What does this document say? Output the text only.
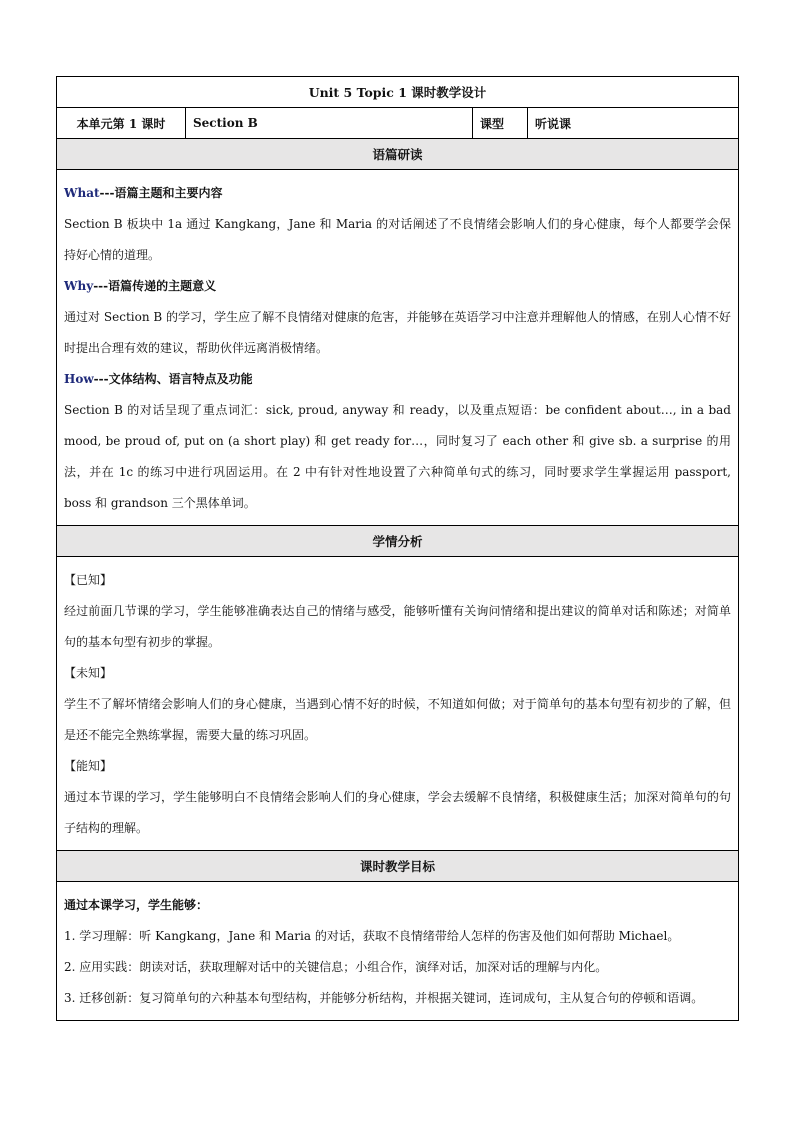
Unit 5 Topic 1 课时教学设计
本单元第 1 课时	Section B	课型	听说课
语篇研读

What---语篇主题和主要内容

Section B 板块中 1a 通过 Kangkang，Jane 和 Maria 的对话阐述了不良情绪会影响人们的身心健康，每个人都要学会保持好心情的道理。

Why---语篇传递的主题意义

通过对 Section B 的学习，学生应了解不良情绪对健康的危害，并能够在英语学习中注意并理解他人的情感，在别人心情不好时提出合理有效的建议，帮助伙伴远离消极情绪。

How---文体结构、语言特点及功能

Section B 的对话呈现了重点词汇：sick, proud, anyway 和 ready，以及重点短语：be confident about…, in a bad mood, be proud of, put on (a short play) 和 get ready for…，同时复习了 each other 和 give sb. a surprise 的用法，并在 1c 的练习中进行巩固运用。在 2 中有针对性地设置了六种简单句式的练习，同时要求学生掌握运用 passport, boss 和 grandson 三个黑体单词。

学情分析

【已知】

经过前面几节课的学习，学生能够准确表达自己的情绪与感受，能够听懂有关询问情绪和提出建议的简单对话和陈述；对简单句的基本句型有初步的掌握。

【未知】

学生不了解坏情绪会影响人们的身心健康，当遇到心情不好的时候，不知道如何做；对于简单句的基本句型有初步的了解，但是还不能完全熟练掌握，需要大量的练习巩固。

【能知】

通过本节课的学习，学生能够明白不良情绪会影响人们的身心健康，学会去缓解不良情绪，积极健康生活；加深对简单句的句子结构的理解。

课时教学目标

通过本课学习，学生能够：

1. 学习理解：听 Kangkang，Jane 和 Maria 的对话，获取不良情绪带给人怎样的伤害及他们如何帮助 Michael。

2. 应用实践：朗读对话，获取理解对话中的关键信息；小组合作，演绎对话，加深对话的理解与内化。

3. 迁移创新：复习简单句的六种基本句型结构，并能够分析结构，并根据关键词，连词成句，主从复合句的停顿和语调。
